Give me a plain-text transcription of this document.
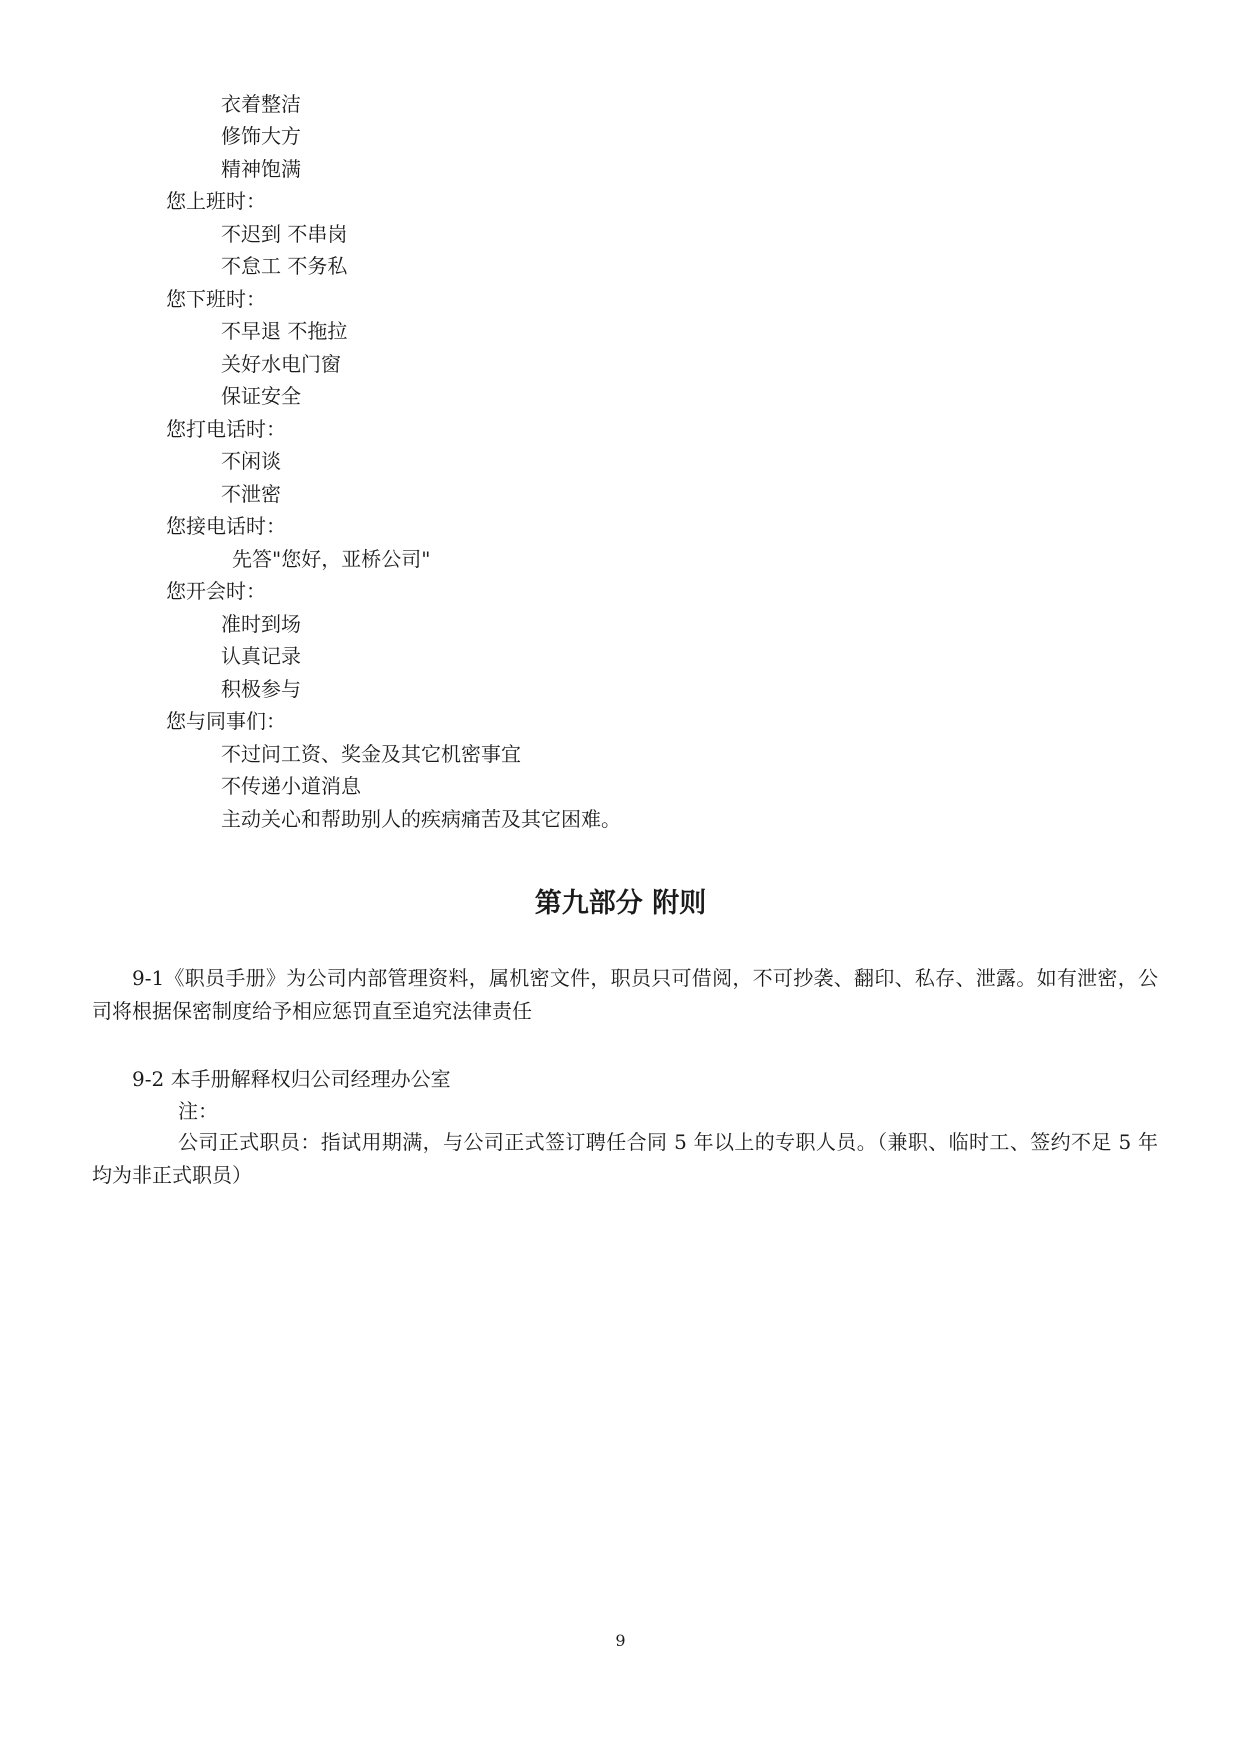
衣着整洁
修饰大方
精神饱满
您上班时：
不迟到 不串岗
不怠工 不务私
您下班时：
不早退 不拖拉
关好水电门窗
保证安全
您打电话时：
不闲谈
不泄密
您接电话时：
先答"您好，亚桥公司"
您开会时：
准时到场
认真记录
积极参与
您与同事们：
不过问工资、奖金及其它机密事宜
不传递小道消息
主动关心和帮助别人的疾病痛苦及其它困难。
第九部分 附则
9-1《职员手册》为公司内部管理资料，属机密文件，职员只可借阅，不可抄袭、翻印、私存、泄露。如有泄密，公司将根据保密制度给予相应惩罚直至追究法律责任
9-2 本手册解释权归公司经理办公室
注：
公司正式职员：指试用期满，与公司正式签订聘任合同 5 年以上的专职人员。（兼职、临时工、签约不足 5 年均为非正式职员）
9
